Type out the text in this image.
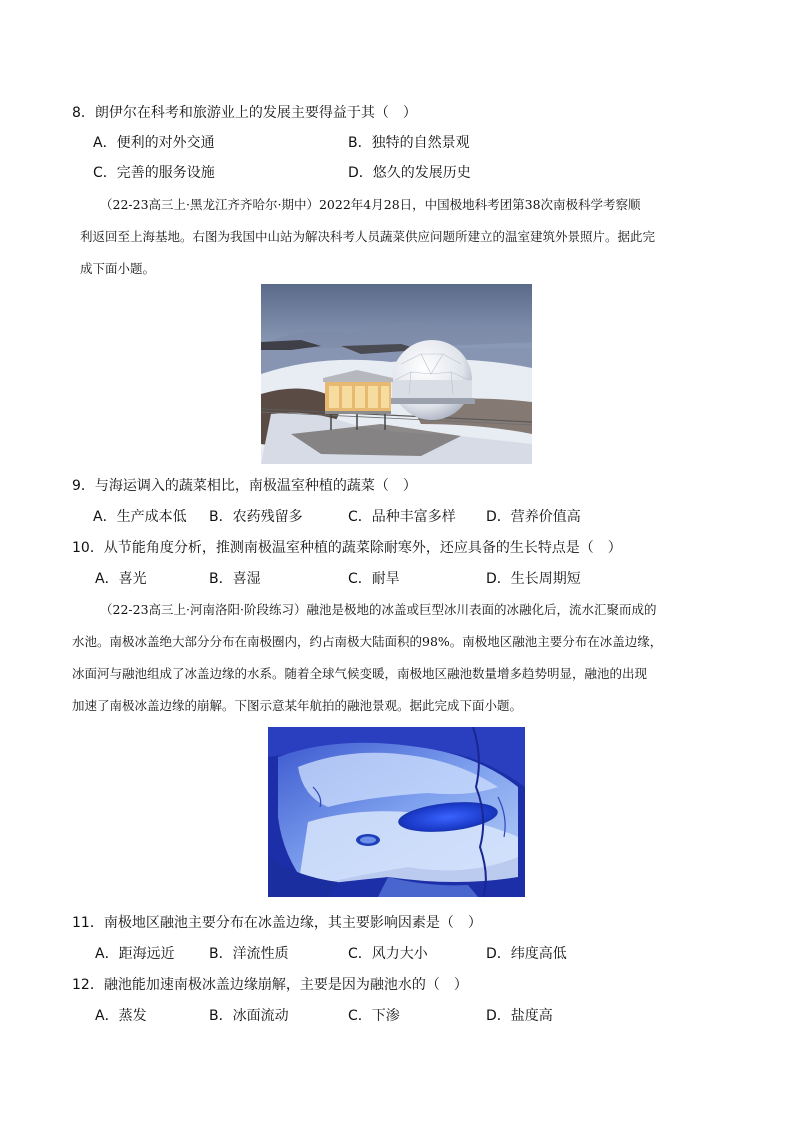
8．朗伊尔在科考和旅游业上的发展主要得益于其（　）
A．便利的对外交通	B．独特的自然景观
C．完善的服务设施	D．悠久的发展历史
（22-23高三上·黑龙江齐齐哈尔·期中）2022年4月28日，中国极地科考团第38次南极科学考察顺
利返回至上海基地。右图为我国中山站为解决科考人员蔬菜供应问题所建立的温室建筑外景照片。据此完
成下面小题。
9．与海运调入的蔬菜相比，南极温室种植的蔬菜（　）
A．生产成本低 B．农药残留多	C．品种丰富多样 D．营养价值高
10．从节能角度分析，推测南极温室种植的蔬菜除耐寒外，还应具备的生长特点是（　）
A．喜光	B．喜湿	C．耐旱	D．生长周期短
（22-23高三上·河南洛阳·阶段练习）融池是极地的冰盖或巨型冰川表面的冰融化后，流水汇聚而成的
水池。南极冰盖绝大部分分布在南极圈内，约占南极大陆面积的98%。南极地区融池主要分布在冰盖边缘，
冰面河与融池组成了冰盖边缘的水系。随着全球气候变暖，南极地区融池数量增多趋势明显，融池的出现
加速了南极冰盖边缘的崩解。下图示意某年航拍的融池景观。据此完成下面小题。
11．南极地区融池主要分布在冰盖边缘，其主要影响因素是（　）
A．距海远近 B．洋流性质	C．风力大小	D．纬度高低
12．融池能加速南极冰盖边缘崩解，主要是因为融池水的（　）
A．蒸发	B．冰面流动	C．下渗	D．盐度高
